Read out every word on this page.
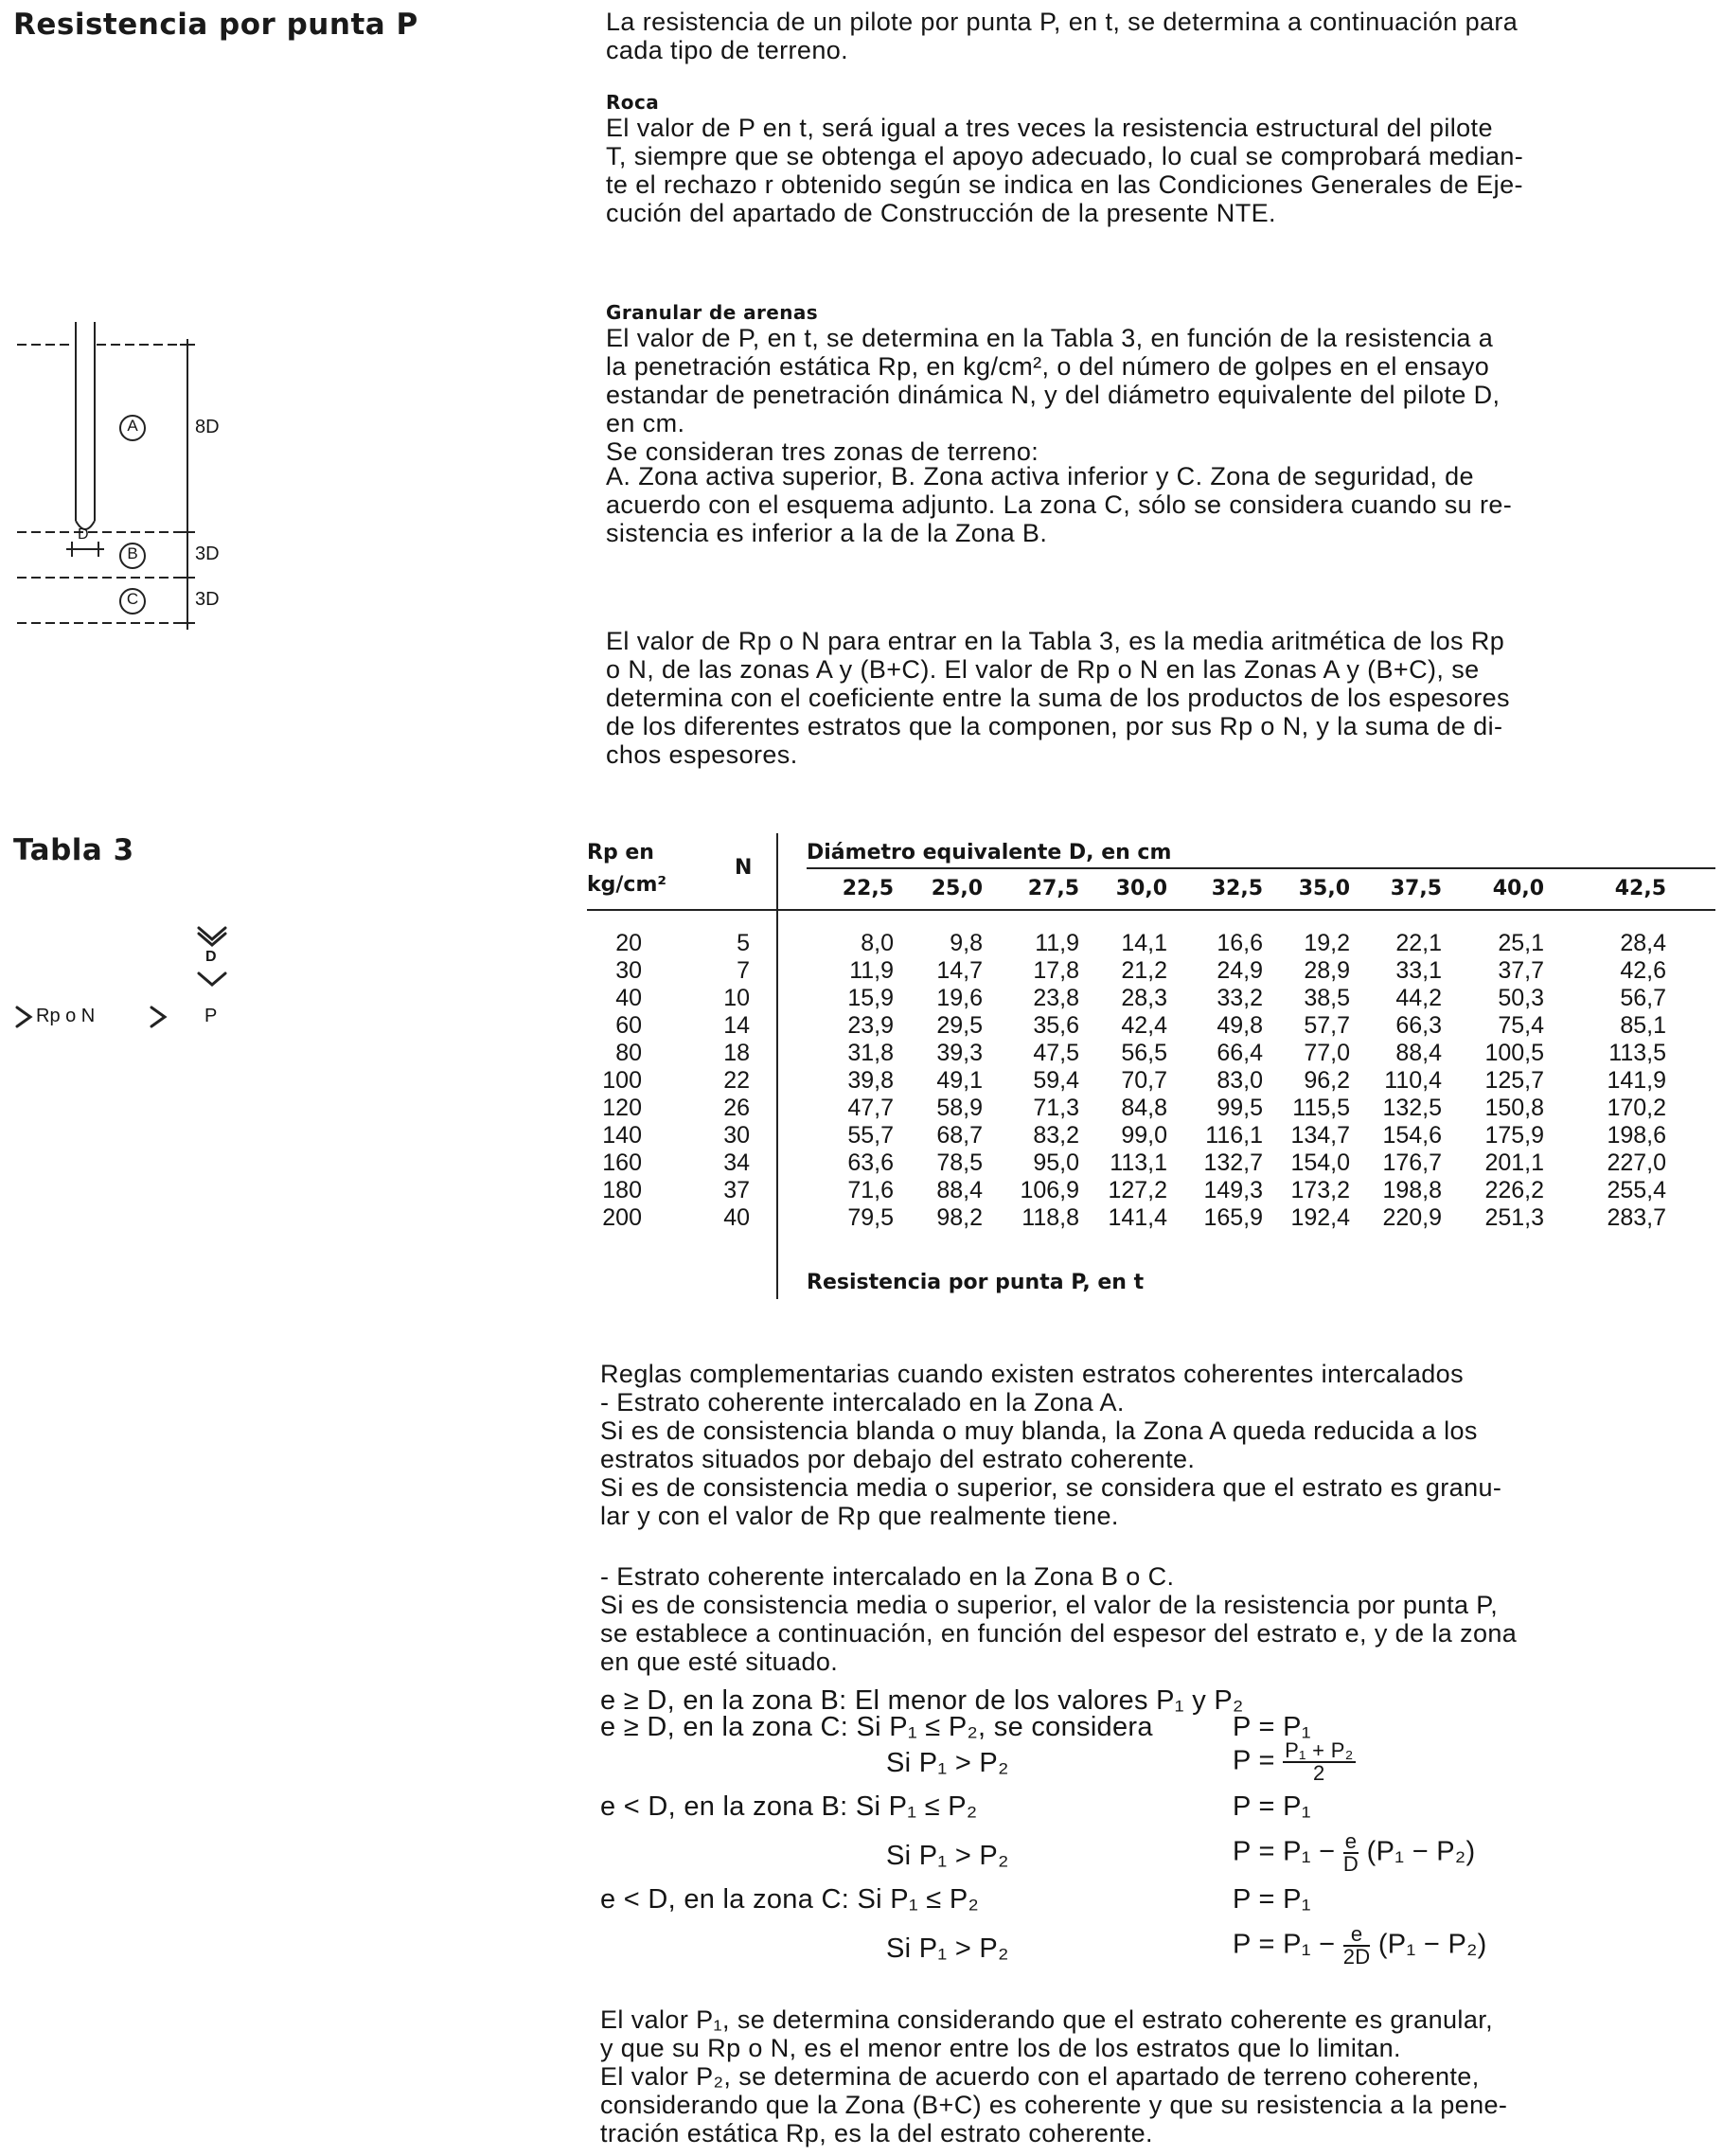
Resistencia por punta P
A
B
C
D
8D
3D
3D
Tabla 3
D
Rp o N	P

La resistencia de un pilote por punta P, en t, se determina a continuación para

cada tipo de terreno.

Roca

El valor de P en t, será igual a tres veces la resistencia estructural del pilote

T, siempre que se obtenga el apoyo adecuado, lo cual se comprobará median-

te el rechazo r obtenido según se indica en las Condiciones Generales de Eje-

cución del apartado de Construcción de la presente NTE.

Granular de arenas

El valor de P, en t, se determina en la Tabla 3, en función de la resistencia a

la penetración estática Rp, en kg/cm², o del número de golpes en el ensayo

estandar de penetración dinámica N, y del diámetro equivalente del pilote D,

en cm.

Se consideran tres zonas de terreno:

A. Zona activa superior, B. Zona activa inferior y C. Zona de seguridad, de

acuerdo con el esquema adjunto. La zona C, sólo se considera cuando su re-

sistencia es inferior a la de la Zona B.

El valor de Rp o N para entrar en la Tabla 3, es la media aritmética de los Rp

o N, de las zonas A y (B+C). El valor de Rp o N en las Zonas A y (B+C), se

determina con el coeficiente entre la suma de los productos de los espesores

de los diferentes estratos que la componen, por sus Rp o N, y la suma de di-

chos espesores.

Rp en
kg/cm²
N
Diámetro equivalente D, en cm
22,5 25,0 27,5 30,0 32,5 35,0 37,5 40,0	42,5
20	5	8,0 9,8 11,9 14,1 16,6 19,2 22,1 25,1	28,4
30	7	11,9 14,7 17,8 21,2 24,9 28,9 33,1 37,7	42,6
40	10	15,9 19,6 23,8 28,3 33,2 38,5 44,2 50,3	56,7
60	14	23,9 29,5 35,6 42,4 49,8 57,7 66,3 75,4	85,1
80	18	31,8 39,3 47,5 56,5 66,4 77,0 88,4 100,5	113,5
100	22	39,8 49,1 59,4 70,7 83,0 96,2 110,4 125,7	141,9
120	26	47,7 58,9 71,3 84,8 99,5 115,5 132,5 150,8	170,2
140	30	55,7 68,7 83,2 99,0 116,1 134,7 154,6 175,9	198,6
160	34	63,6 78,5 95,0 113,1 132,7 154,0 176,7 201,1	227,0
180	37	71,6 88,4 106,9 127,2 149,3 173,2 198,8 226,2	255,4
200	40	79,5 98,2 118,8 141,4 165,9 192,4 220,9 251,3	283,7
Resistencia por punta P, en t

Reglas complementarias cuando existen estratos coherentes intercalados

- Estrato coherente intercalado en la Zona A.

Si es de consistencia blanda o muy blanda, la Zona A queda reducida a los

estratos situados por debajo del estrato coherente.

Si es de consistencia media o superior, se considera que el estrato es granu-

lar y con el valor de Rp que realmente tiene.

- Estrato coherente intercalado en la Zona B o C.

Si es de consistencia media o superior, el valor de la resistencia por punta P,

se establece a continuación, en función del espesor del estrato e, y de la zona

en que esté situado.

e ≥ D, en la zona B: El menor de los valores P₁ y P₂
e ≥ D, en la zona C: Si P₁ ≤ P₂, se considera	P = P₁
Si P₁ > P₂	$P = \frac{\text{P₁ + P₂}}{2}$
e < D, en la zona B: Si P₁ ≤ P₂	P = P₁
Si P₁ > P₂	$P = P_1 - \frac{e}{D} (P_1 - P_2)$
e < D, en la zona C: Si P₁ ≤ P₂	P = P₁
Si P₁ > P₂	$P = P_1 - \frac{e}{2D} (P_1 - P_2)$

El valor P₁, se determina considerando que el estrato coherente es granular,

y que su Rp o N, es el menor entre los de los estratos que lo limitan.

El valor P₂, se determina de acuerdo con el apartado de terreno coherente,

considerando que la Zona (B+C) es coherente y que su resistencia a la pene-

tración estática Rp, es la del estrato coherente.
